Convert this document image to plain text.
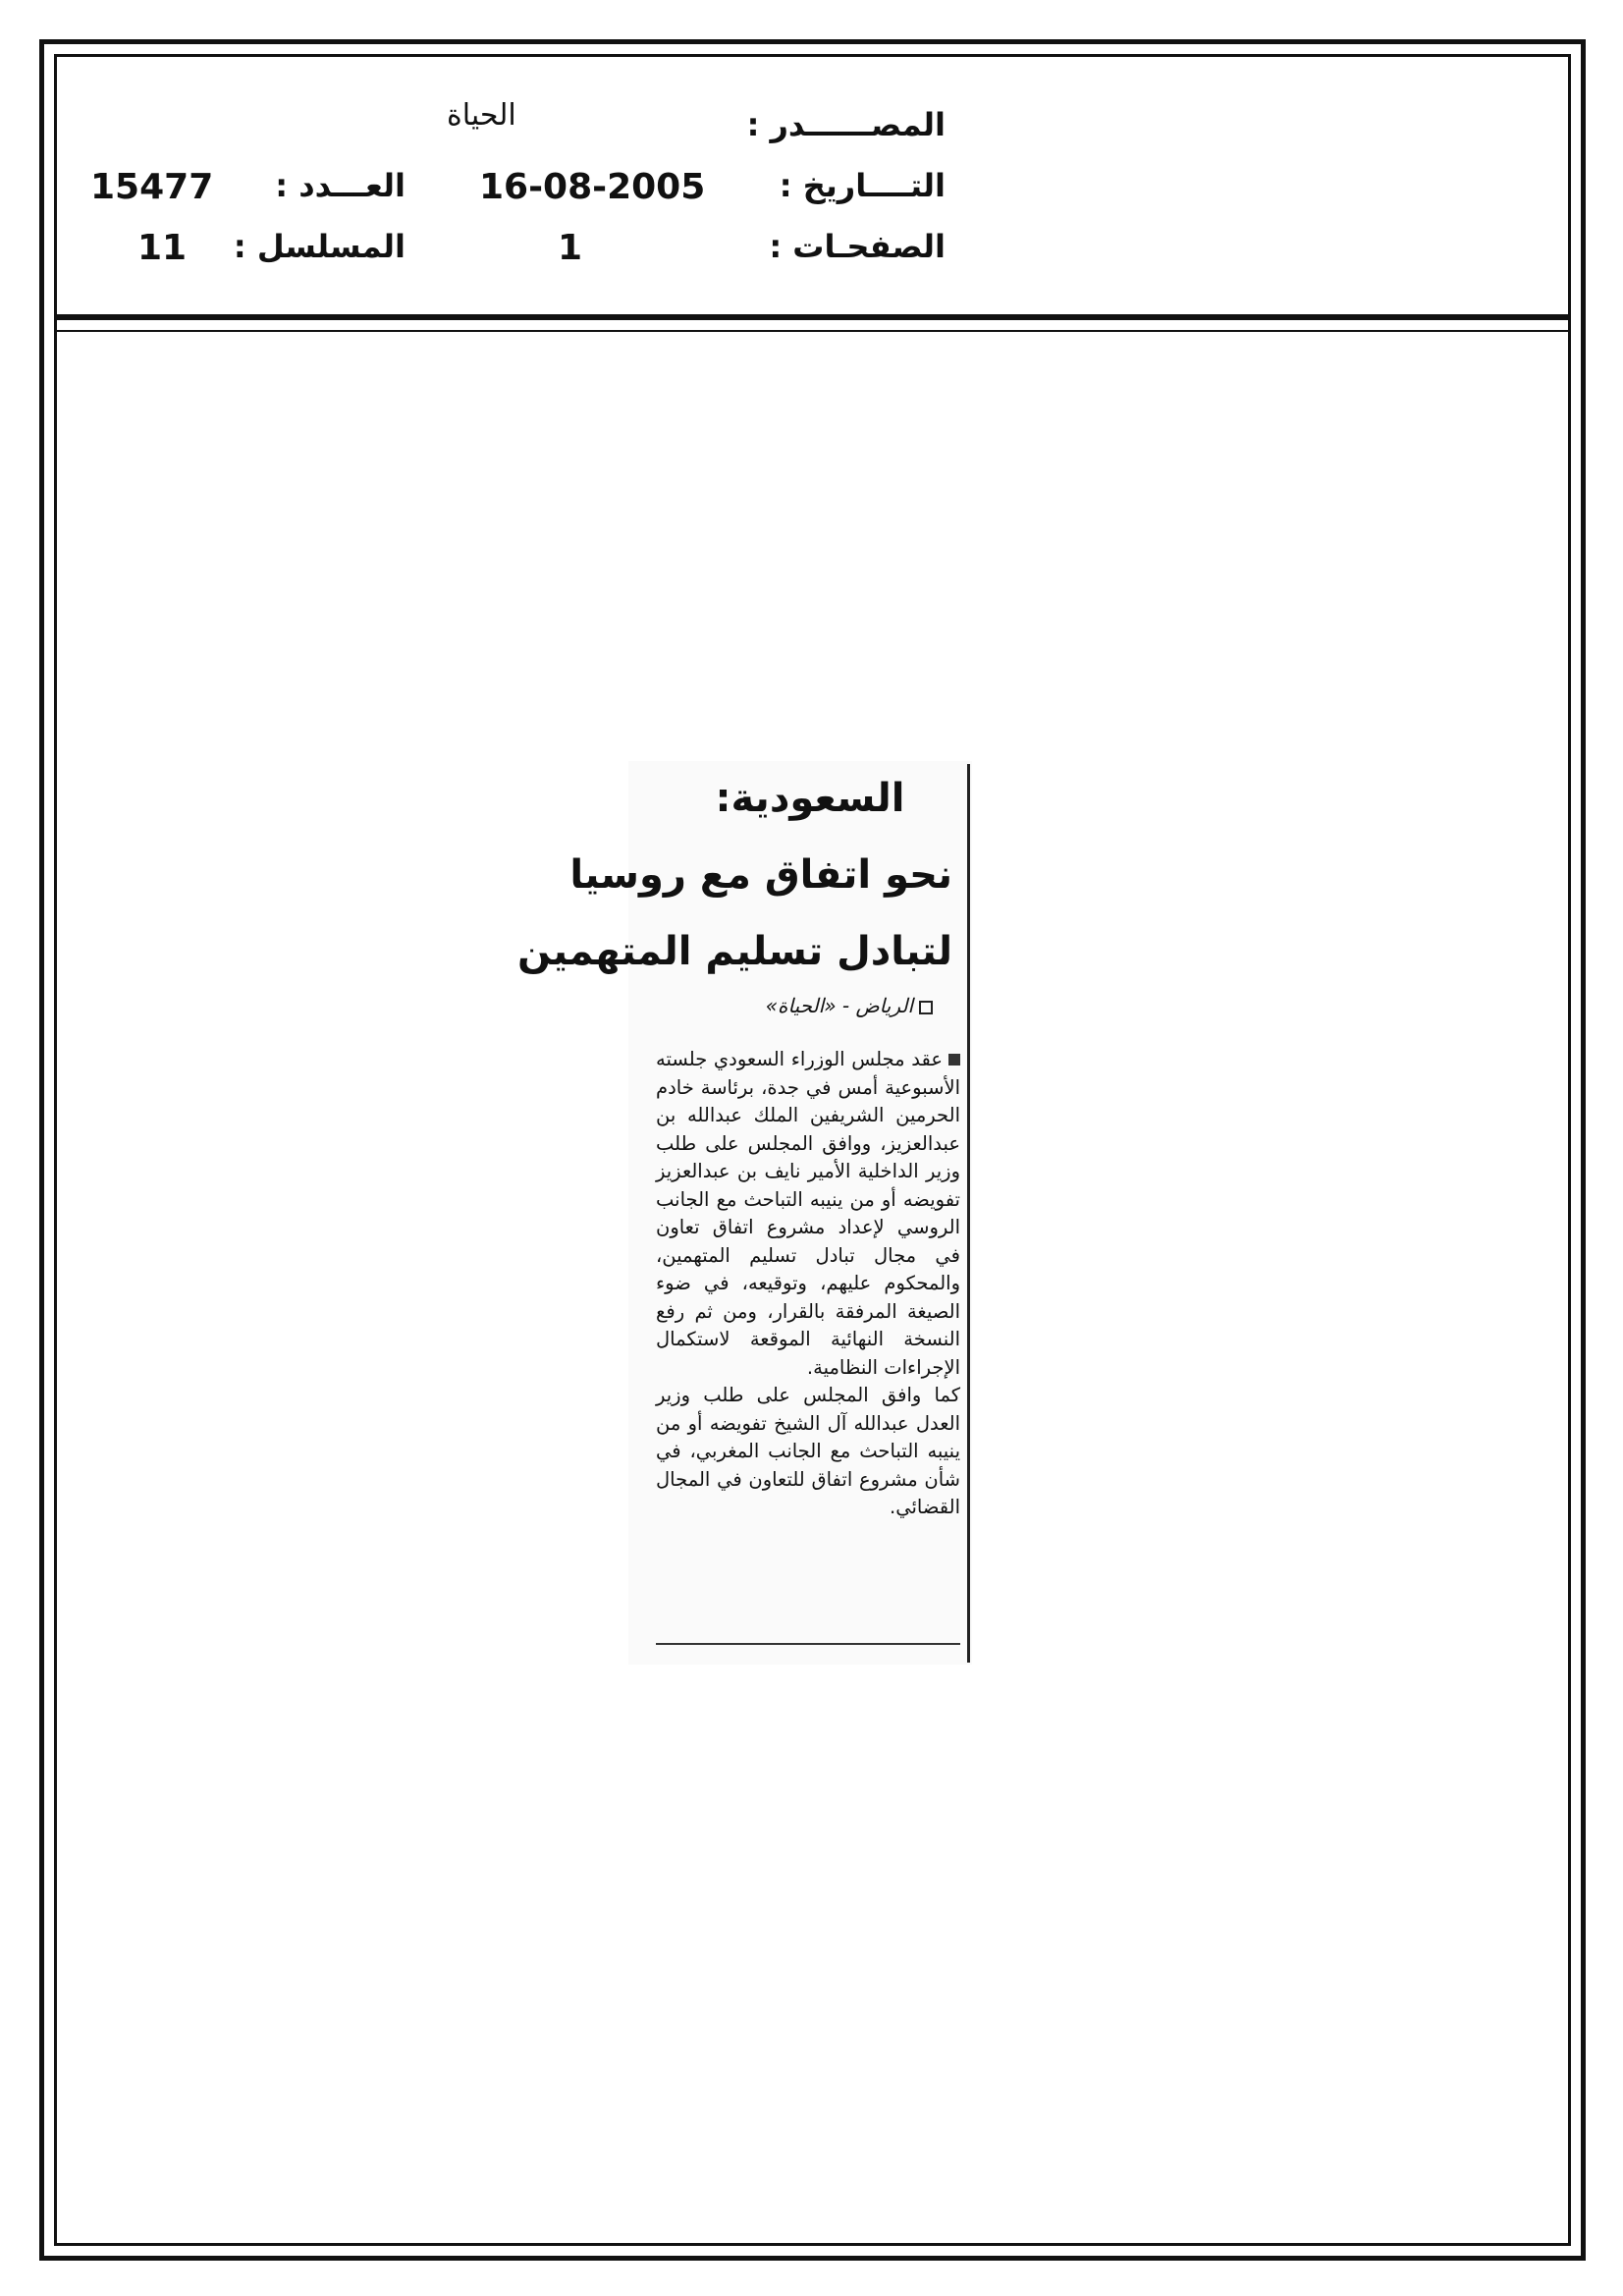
المصــــــدر :
الحياة
التــــاريخ :
16-08-2005
العـــدد :
15477
الصفحـات :
1
المسلسل :
11
السعودية:
نحو اتفاق مع روسيا
لتبادل تسليم المتهمين
الرياض - «الحياة»

عقد مجلس الوزراء السعودي جلسته الأسبوعية أمس في جدة، برئاسة خادم الحرمين الشريفين الملك عبدالله بن عبدالعزيز، ووافق المجلس على طلب وزير الداخلية الأمير نايف بن عبدالعزيز تفويضه أو من ينيبه التباحث مع الجانب الروسي لإعداد مشروع اتفاق تعاون في مجال تبادل تسليم المتهمين، والمحكوم عليهم، وتوقيعه، في ضوء الصيغة المرفقة بالقرار، ومن ثم رفع النسخة النهائية الموقعة لاستكمال الإجراءات النظامية.

كما وافق المجلس على طلب وزير العدل عبدالله آل الشيخ تفويضه أو من ينيبه التباحث مع الجانب المغربي، في شأن مشروع اتفاق للتعاون في المجال القضائي.
